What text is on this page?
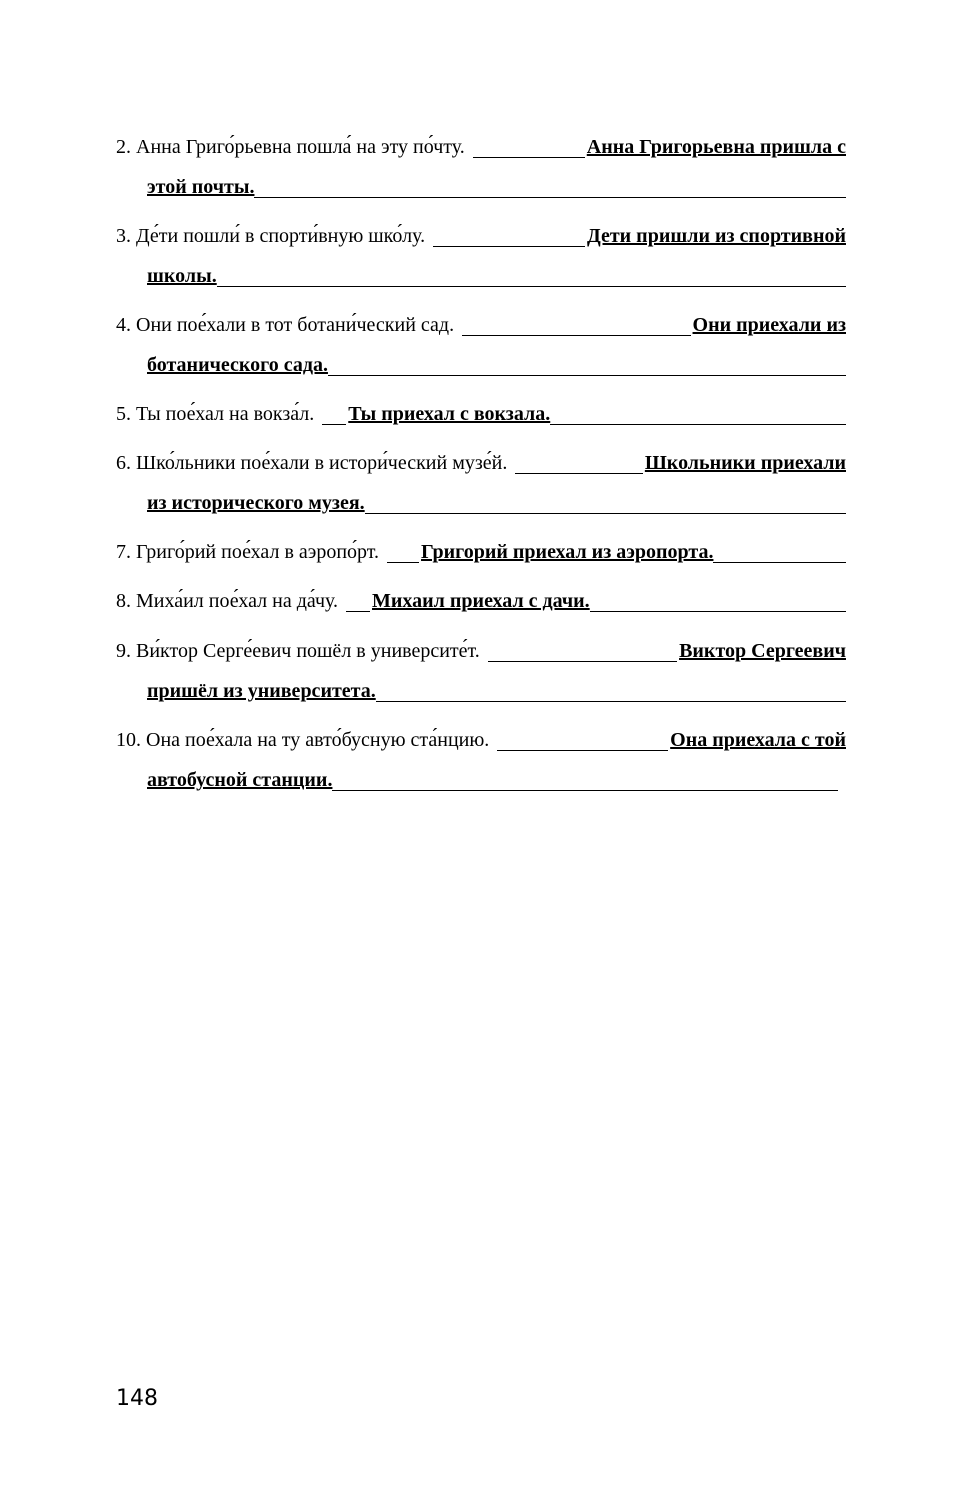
2. Анна Григо́рьевна пошла́ на эту по́чту.	Анна Григорьевна пришла с
этой почты.
3. Де́ти пошли́ в спорти́вную шко́лу.	Дети пришли из спортивной
школы.
4. Они пое́хали в тот ботани́ческий сад.	Они приехали из
ботанического сада.
5. Ты пое́хал на вокза́л. Ты приехал с вокзала.
6. Шко́льники пое́хали в истори́ческий музе́й.	Школьники приехали
из исторического музея.
7. Григо́рий пое́хал в аэропо́рт. Григорий приехал из аэропорта.
8. Миха́ил пое́хал на да́чу. Михаил приехал с дачи.
9. Ви́ктор Серге́евич пошёл в университе́т.	Виктор Сергеевич
пришёл из университета.
10. Она пое́хала на ту авто́бусную ста́нцию.	Она приехала с той
автобусной станции.
148
